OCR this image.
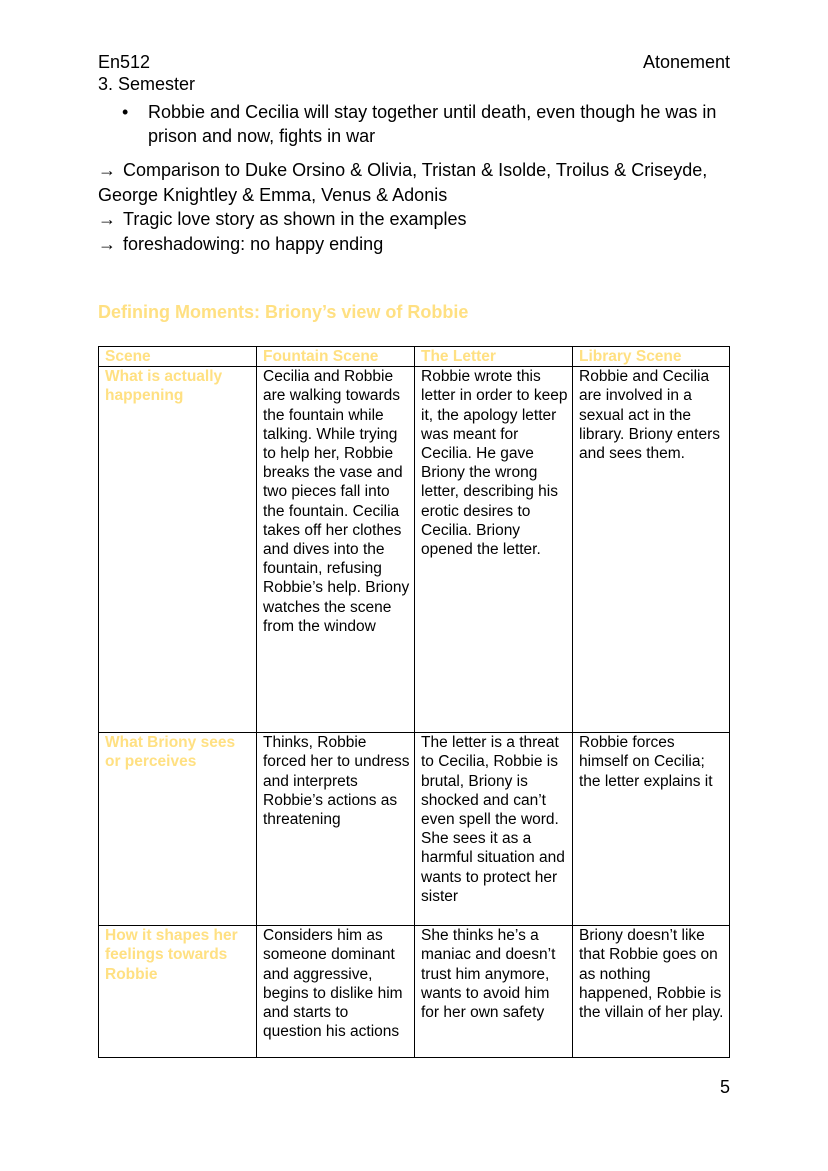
En512
3. Semester
Atonement
• Robbie and Cecilia will stay together until death, even though he was in prison and now, fights in war

→ Comparison to Duke Orsino & Olivia, Tristan & Isolde, Troilus & Criseyde, George Knightley & Emma, Venus & Adonis

→ Tragic love story as shown in the examples

→ foreshadowing: no happy ending

Defining Moments: Briony’s view of Robbie
Scene	Fountain Scene	The Letter	Library Scene
What is actually happening	Cecilia and Robbie are walking towards the fountain while talking. While trying to help her, Robbie breaks the vase and two pieces fall into the fountain. Cecilia takes off her clothes and dives into the fountain, refusing Robbie’s help. Briony watches the scene from the window	Robbie wrote this letter in order to keep it, the apology letter was meant for Cecilia. He gave Briony the wrong letter, describing his erotic desires to Cecilia. Briony opened the letter.	Robbie and Cecilia are involved in a sexual act in the library. Briony enters and sees them.
What Briony sees or perceives	Thinks, Robbie forced her to undress and interprets Robbie’s actions as threatening	The letter is a threat to Cecilia, Robbie is brutal, Briony is shocked and can’t even spell the word. She sees it as a harmful situation and wants to protect her sister	Robbie forces himself on Cecilia; the letter explains it
How it shapes her feelings towards Robbie	Considers him as someone dominant and aggressive, begins to dislike him and starts to question his actions	She thinks he’s a maniac and doesn’t trust him anymore, wants to avoid him for her own safety	Briony doesn’t like that Robbie goes on as nothing happened, Robbie is the villain of her play.
5
